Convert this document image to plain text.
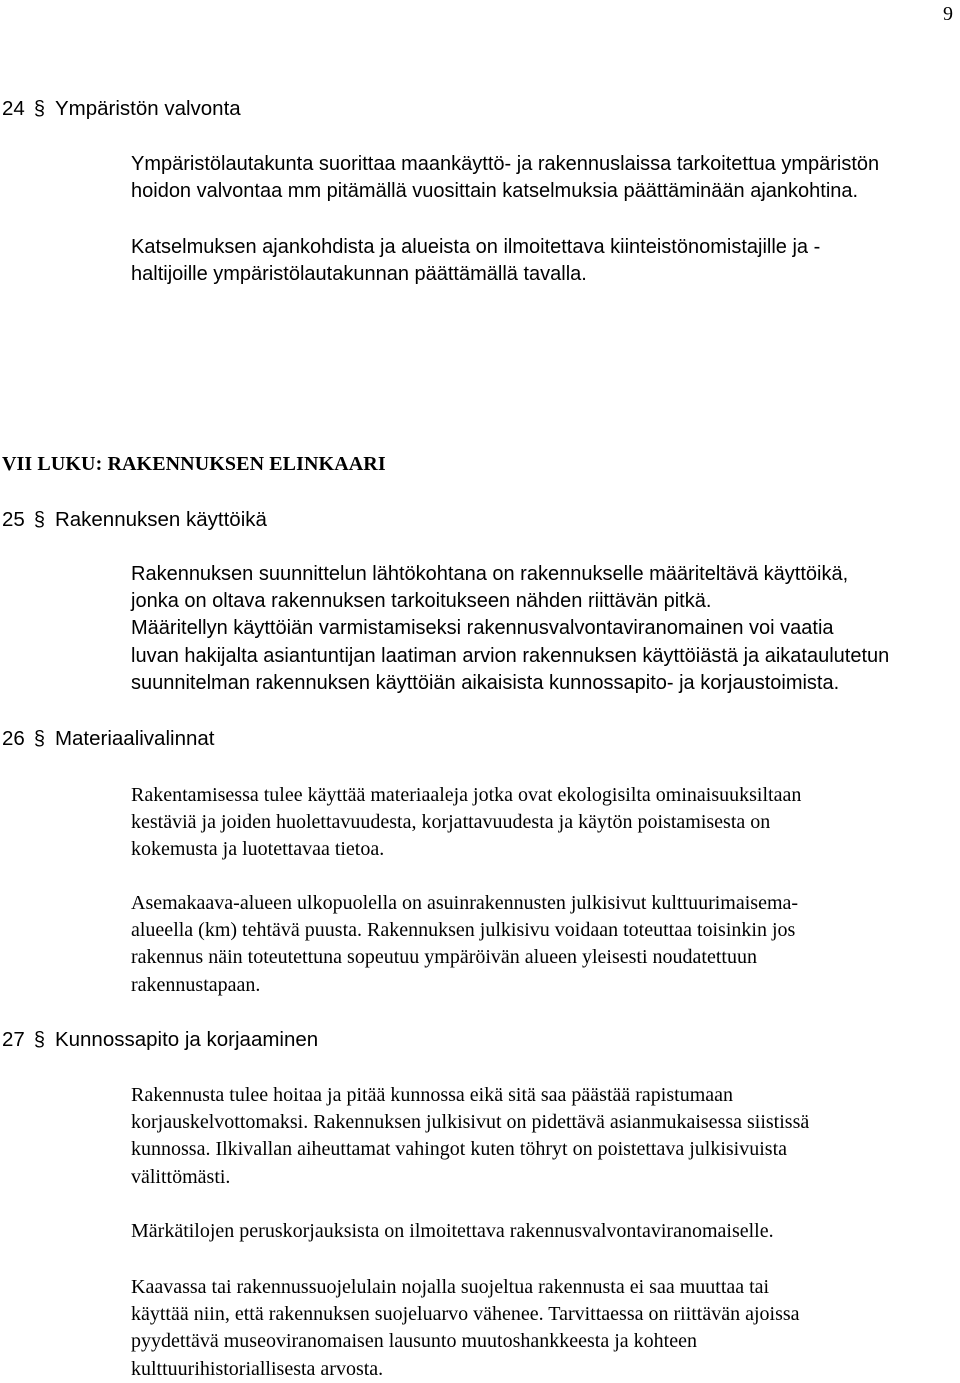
9
24 § Ympäristön valvonta
Ympäristölautakunta suorittaa maankäyttö- ja rakennuslaissa tarkoitettua ympäristön
hoidon valvontaa mm pitämällä vuosittain katselmuksia päättäminään ajankohtina.
Katselmuksen ajankohdista ja alueista on ilmoitettava kiinteistönomistajille ja -
haltijoille ympäristölautakunnan päättämällä tavalla.
VII LUKU: RAKENNUKSEN ELINKAARI
25 § Rakennuksen käyttöikä
Rakennuksen suunnittelun lähtökohtana on rakennukselle määriteltävä käyttöikä,
jonka on oltava rakennuksen tarkoitukseen nähden riittävän pitkä.
Määritellyn käyttöiän varmistamiseksi rakennusvalvontaviranomainen voi vaatia
luvan hakijalta asiantuntijan laatiman arvion rakennuksen käyttöiästä ja aikataulutetun
suunnitelman rakennuksen käyttöiän aikaisista kunnossapito- ja korjaustoimista.
26 § Materiaalivalinnat
Rakentamisessa tulee käyttää materiaaleja jotka ovat ekologisilta ominaisuuksiltaan
kestäviä ja joiden huolettavuudesta, korjattavuudesta ja käytön poistamisesta on
kokemusta ja luotettavaa tietoa.
Asemakaava-alueen ulkopuolella on asuinrakennusten julkisivut kulttuurimaisema-
alueella (km) tehtävä puusta. Rakennuksen julkisivu voidaan toteuttaa toisinkin jos
rakennus näin toteutettuna sopeutuu ympäröivän alueen yleisesti noudatettuun
rakennustapaan.
27 § Kunnossapito ja korjaaminen
Rakennusta tulee hoitaa ja pitää kunnossa eikä sitä saa päästää rapistumaan
korjauskelvottomaksi. Rakennuksen julkisivut on pidettävä asianmukaisessa siistissä
kunnossa. Ilkivallan aiheuttamat vahingot kuten töhryt on poistettava julkisivuista
välittömästi.
Märkätilojen peruskorjauksista on ilmoitettava rakennusvalvontaviranomaiselle.
Kaavassa tai rakennussuojelulain nojalla suojeltua rakennusta ei saa muuttaa tai
käyttää niin, että rakennuksen suojeluarvo vähenee. Tarvittaessa on riittävän ajoissa
pyydettävä museoviranomaisen lausunto muutoshankkeesta ja kohteen
kulttuurihistoriallisesta arvosta.
